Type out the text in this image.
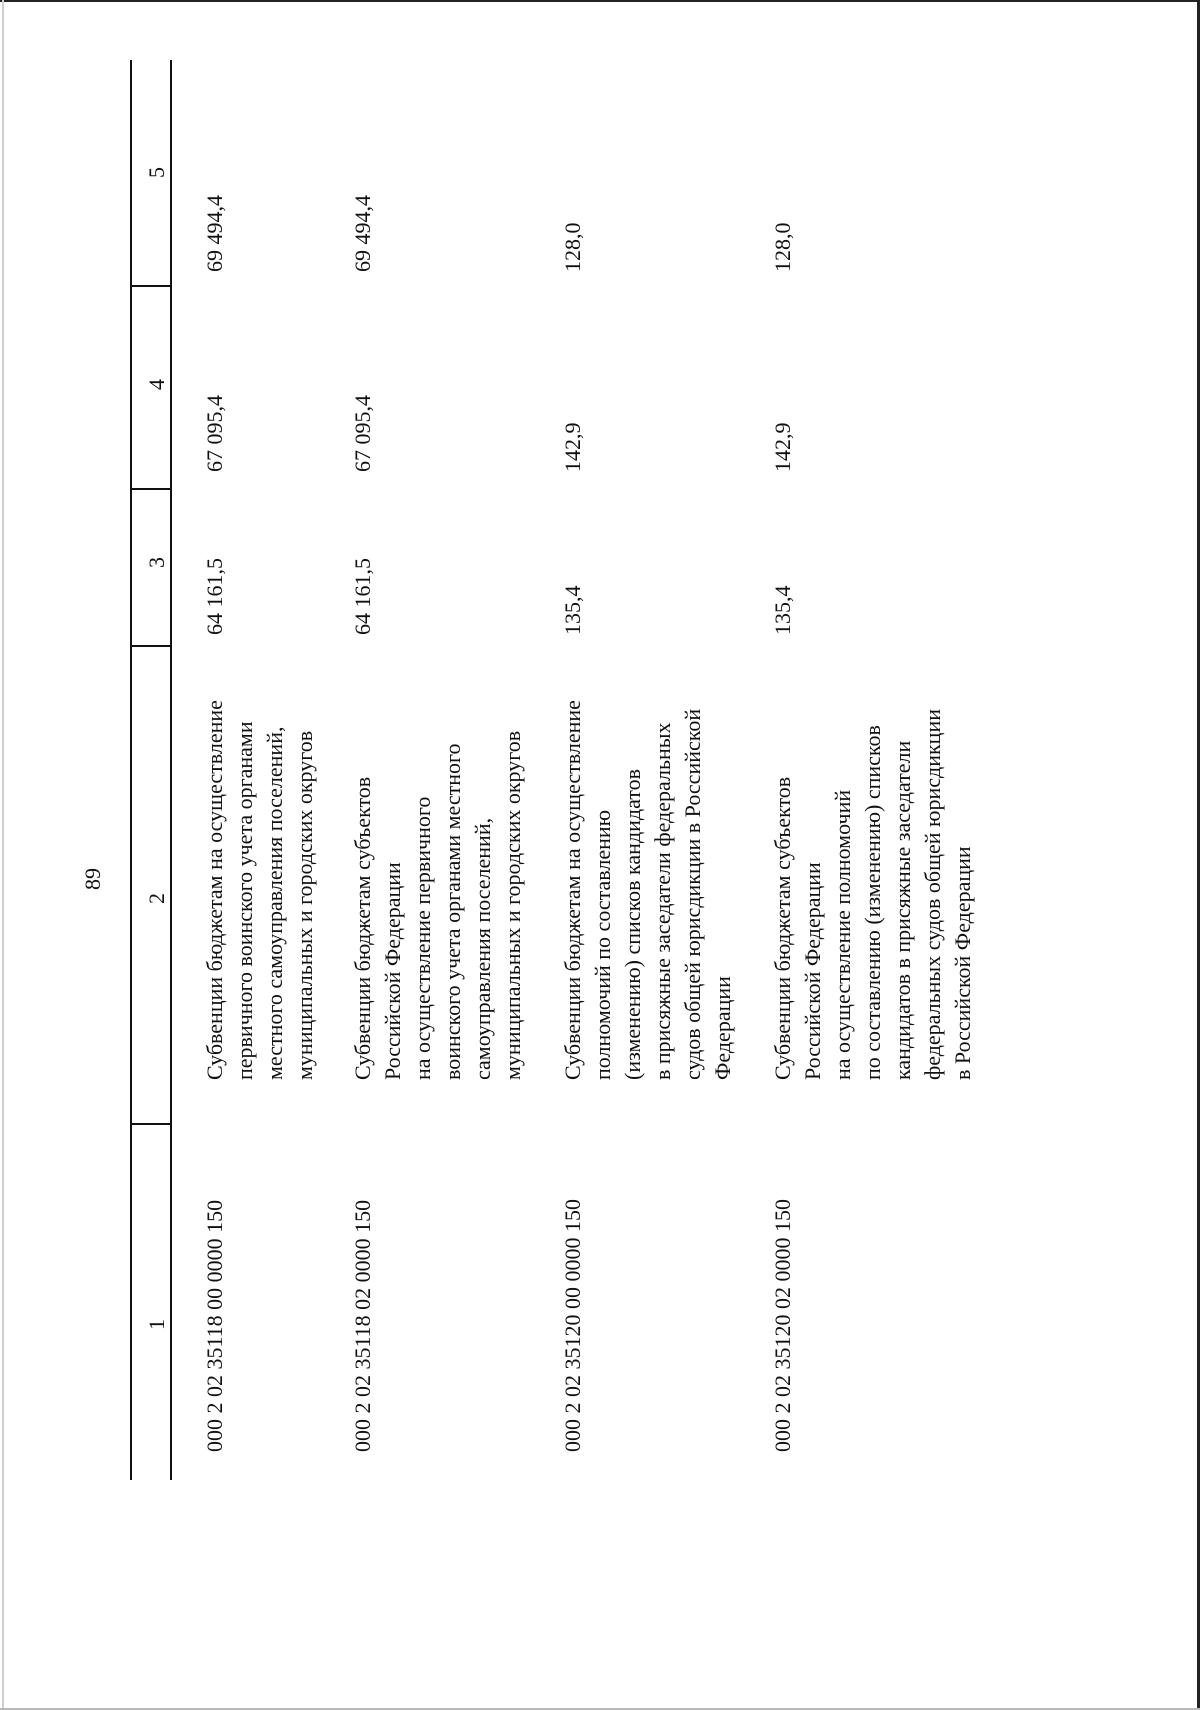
89
1
2
3
4
5
000 2 02 35118 00 0000 150
Субвенции бюджетам на осуществление
первичного воинского учета органами
местного самоуправления поселений,
муниципальных и городских округов
64 161,5
67 095,4
69 494,4
000 2 02 35118 02 0000 150
Субвенции бюджетам субъектов
Российской Федерации
на осуществление первичного
воинского учета органами местного
самоуправления поселений,
муниципальных и городских округов
64 161,5
67 095,4
69 494,4
000 2 02 35120 00 0000 150
Субвенции бюджетам на осуществление
полномочий по составлению
(изменению) списков кандидатов
в присяжные заседатели федеральных
судов общей юрисдикции в Российской
Федерации
135,4
142,9
128,0
000 2 02 35120 02 0000 150
Субвенции бюджетам субъектов
Российской Федерации
на осуществление полномочий
по составлению (изменению) списков
кандидатов в присяжные заседатели
федеральных судов общей юрисдикции
в Российской Федерации
135,4
142,9
128,0
